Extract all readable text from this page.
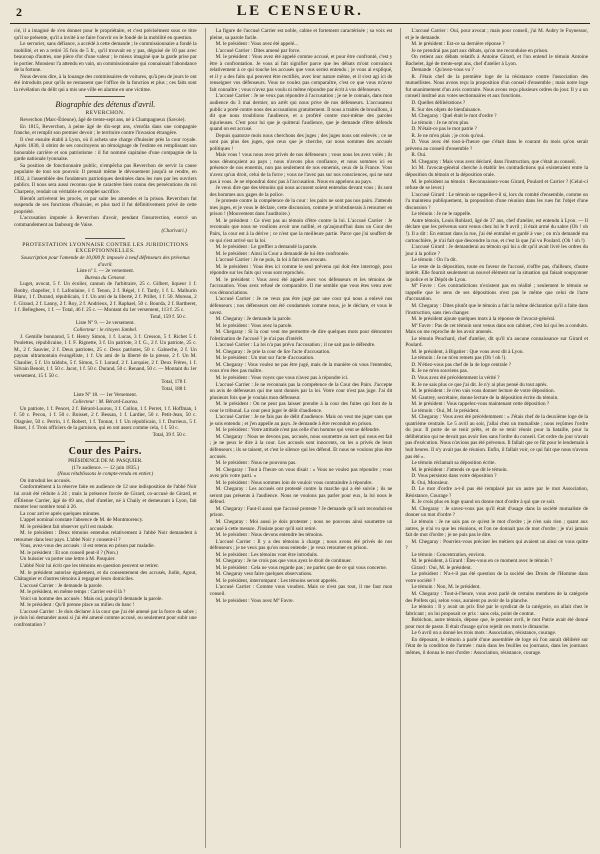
2	LE CENSEUR.

cié, il a imaginé de s'en donner pour le propriétaire, et c'est précisément sous ce titre qu'il se présente, qu'il a invité à se faire l'ouvrir en le fondé de la mobilité en question.

Le serrurier, sans défiance, a accédé à cette demande ; le commissionnaire a fondé la mobilité, et en a retiré 35 fois de 5 fr., qu'il trouvait en y pas, déguisé de 10 pas avec beaucoup d'autres, une pièce d'or d'une valeur ; le mieux imaginé que la garde prise par le portier. Monsieur l'a attendu en vain, un commissionnaire qui connaissait l'abondance de la fortune.

Nous devons dire, à la louange des commissaires de voitures, qu'à peu de jours le ont été introduits pour qu'ils ne restassent que l'office de la fonction et plus ; ces faits sont la révélation du délit qui a mis une ville en alarme en une victime.

Biographie des détenus d'avril.

REVERCHON.

Reverchon (Marc-Étienne), âgé de trente-sept ans, né à Champagneux (Savoie).

En 1815, Reverchon, à peine âgé de dix-sept ans, s'enrôla dans une compagnie franche, et remplit son premier devoir ; le territoire contre l'invasion étrangère.

Il s'est ensuite établi à Lyon, où il acheta une charge d'huissier près la cour royale. Après 1830, il obtint de ses concitoyens un témoignage de l'estime en remplissant son honorable carrière et son patriotisme : il fut nommé capitaine d'une compagnie de la garde nationale lyonnaise.

Sa position de fonctionnaire public, n'empêcha pas Reverchon de servir la cause populaire de tout son pouvoir. Il prenait même le dévouement jusqu'à se rendre, en 1832, à l'assemblée des fondateurs patriotiques destinées dans les rues par les ouvriers publics. Il nous sera aussi reconnu que le caractère bien connu des persécutions du roi Charpeny, rendait un véritable et complet sacrifice.

Bientôt arrivèrent les procès, et par suite les amendes et la prison. Reverchon fut suspendu de ses fonctions d'huissier, et plus tard il fut définitivement privé de cette propriété.

L'accusation imputée à Reverchon d'avoir, pendant l'insurrection, exercé un commandement au faubourg de Vaise.

(Charivari.)

PROTESTATION LYONNAISE CONTRE LES JURIDICTIONS EXCEPTIONNELLES.

Souscription pour l'amende de 10,000 fr. imposée à neuf défenseurs des prévenus d'avril.

Liste nº 1. — 2e versement.

Bureau du Censeur.

Luget, avocat, 5 f. Un écolier, cannon de l'arbitraire, 25 c. Gilbert, liqueur 1 f. Bonby, chapelier, 1 f. Lafonlaine, 1 f. Tenon, 2 f. Régel, 1 f. Tardy, 1 f. L. Malhurin Blanc, 1 f. Durand, républicain, 1 f. Un ami de la liberté, 2 f. Prillet, 1 f. 50. Moreau, 2 f. Giraud, 2 f. Lanny, 2 f. Roy, 2 f. Andrieux, 2 f. Raphael, 50 c. Bourda, 2 f. Bartheret, 1 f. Bellegbees, 1 f. — Total, 46 f. 25 c. — Montant du 1er versement, 113 f. 25 c.

Total, 159 f. 50 c.

Liste Nº 9. — 2e versement.

Collecteur : le citoyen Jambel.

J. Gemille bonnarod, 5 f. Henry Simon, 1 f. Lucas, 3 f. Cresson, 5 f. Richet 5 f. Poulettes, républicaine, 1 f. F. Rignette, 3 f. Un patriote, 3 f. G., 2 f. Un patriote, 25 c. M., 2 f. Sauvier, 2 f. Deux patriotes, 25 c. Deux patriotes, 50 c. Galneche, 2 f. Un paysan ultramontain évangéliste, 1 f. Un ami de la liberté de la presse, 2 f. Un M. Chaulier, 5 f. Un taïdobs, 5 f. Simon, 5 f. Lorauf, 2 f. Lorquier, 2 f. Deux Frères, 1 f. Silvain Benoit, 1 f. 50 c. Jacot, 1 f. 50 c. Durand, 50 c. Renand, 50 c. — Montant du 1er versement, 15 f. 50 c.

Total, 178 f.

Total, 188 f.

Liste Nº 18. — 1er Versement.

Collecteur : M. Bérard-Lourou.

Un patriote, 1 f. Pencet, 2 f. Bérard-Lourou, 3 f. Collon, 1 f. Perret, 1 f. Hoffman, 1 f. 50 c. Pecou, 1 f. 50 c. Boisset, 2 f. Bessan, 1 f. Lardier, 50 c. Petit-Jean, 50 c. Olagnier, 50 c. Perrin, 1 f. Robert, 1 f. Tonnat, 1 f. Un républicain, 1 f. Durrieux, 5 f. Roset, 1 f. Trois officiers de la garnison, qui en ont assez comme cela, 1 f. 50 c.

Total, 39 f. 50 c.

Cour des Pairs.

PRÉSIDENCE DE M. PASQUIER.

(17e audience. — 12 juin 1835.)

(Nous rétablissons le compte-rendu en entier.)

On introduit les accusés.

Conformément à la réserve faite en audience de 12 une indisposition de l'abbé Noir lui avait été réduite à 24 ; mais la présence forcée de Girard, co-accusé de Girard, et d'Étienne Carrier, âgé de 69 ans, chef d'atelier, né à Chaily et demeurant à Lyon, fait monter leur nombre total à 26.

La cour arrive après quelques minutes.

L'appel nominal constate l'absence de M. de Montmorency.

M. le président fait observer qu'il est malade.

M. le président : Deux témoins entendus relativement à l'abbé Noir demandent à retourner dans leur pays. L'abbé Noir y consent-il ?

Vous, avez-vous des accusés : il est retenu en prison par maladie.

M. le président : Et son conseil peut-il ? (Non.)

Un huissier va porter une lettre à M. Pasquier.

L'abbé Noir lui écrit que les témoins en question peuvent se retirer.

M. le président autorise également, et du consentement des accusés, Judin, Agout, Châtagnier et d'autres témoins à regagner leurs domiciles.

L'accusé Carrier : Je demande la parole.

M. le président, en même temps : Carrier est-il là ?

Voici un homme des accusés : Mais oui, puisqu'il demande la parole.

M. le président : Qu'il prenne place au milieu du banc !

L'accusé Carrier : Je dois déclarer à la cour que j'ai été amené par la force du sabre ; je dois lui demander aussi si j'ai été amené comme accusé, ou seulement pour subir une confrontation ?

La figure de l'accusé Carrier est noble, calme et fortement caractérisée ; sa voix est pleine, sa parole facile.

M. le président : Vous avez été appelé...

L'accusé Carrier : Dites amené par force.

M. le président : Vous avez été appelé comme accusé, et pour être confronté, c'est y être à confrontation. Je vous ai fait signifier parce que les débats m'ont convaincu relativement à ce qui touche les accusés que vous seriez entendu ; je vous ai expliqué, et il y a des faits qui peuvent être rectifiés, avec leur nature même, et il s'est agi ici de renseigner vos défenseurs. Vous ne voulez pas comparaître, c'est ce que vous m'avez fait connaître ; vous n'avez pas voulu ni même répondre par écrit à vos défenseurs.

L'accusé Carrier : Je ne veux pas répondre à l'accusation ; je ne le connais, dans mon audience du 3 mai dernier, un arrêt qui nous prive de nos défenseurs. L'accusateur public a porté contre nous des accusations gratuitement. Il nous a traités de brouillons, à dit que nous troublions l'audience, et a proféré contre moi-même des paroles injurieuses. C'est pour lui que je quitterai l'audience, que je demande d'être défendu quand on est accusé.

Depuis quatorze mois nous cherchons des juges ; des juges nous ont enlevés ; ce ne sont pas plus des juges, que ceux que je cherche, car nous sommes des accusés politiques !

Mais vous ! vous nous avez privés de nos défenseurs ; vous nous les avez volés ; ils nous dénonçaient au pays ; nous n'avons plus confiance, et nous sommes ici en présence de nos ennemis, non pas seulement de nos ennemis, ceux de la France. Vous n'avez qu'un droit, celui de la force ; vous ne l'avez pas sur nos consciences, qui ne sont pas à vous. Je ne répondrai donc pas à l'accusation. Nous en appelons au pays.

Je veux dire que des témoins qui nous accusent soient entendus devant vous ; ils sont des hommes aux gages de la police.

Je proteste contre la compétence de la cour : les pairs ne sont pas nos pairs. J'attends mes juges, et je vous le déclare, cette discussion, comme je m'obstinerais à retourner en prison ! (Mouvement dans l'auditoire.)

M. le président : Ce n'est pas au témoin d'être contre la loi. L'accusé Carrier : Je reconnais que nous ne voulions avoir une nullité, et qu'aujourd'hui dans un Cour des Pairs, la cour est à la dérive ; ce n'est que la meilleure partie. Parce que j'ai souffert de ce qui s'est arrivé sur la loi.

M. le président : Le greffier a demandé la parole.

M. le président : Ainsi la Cour a demandé de lui être confrontée.

L'accusé Carrier : Je ne puis, la loi à fait mes avocats.

M. le président : Vous êtes ici comme le seul prévenu qui doit être interrogé, pour répondre sur les faits qui vous sont reprochés.

M. le président : Vous avez été appelé avec vos défenseurs et les témoins de l'accusation. Vous avez refusé de comparaître. Il me semble que vous êtes venu avec vos dénonciations.

L'accusé Carrier : Je ne veux pas être jugé par une cour qui nous a enlevé nos défenseurs ; nos défenseurs ont été condamnés comme nous, je le déclare, et vous le savez.

M. Chegaray : Je demande la parole.

M. le président : Vous avez la parole.

M. Chegaray : Si la cour veut me permettre de dire quelques mots pour démontrer l'obstination de l'accusé ? je n'ai pas d'intérêt.

L'accusé Carrier : La loi n'a pas prévu l'accusation ; il ne sait pas le défendre.

M. Chegaray : Je prie la cour de lire l'acte d'accusation.

M. le président : Un mot sur l'acte d'accusation.

M. Chegaray : Vous voulez ne pas être jugé, mais de la manière où vous l'entendez, vous n'en êtes pas maître.

M. le président : Vous voyez que vous n'avez pas à répondre ici.

L'accusé Carrier : Je ne reconnais pas la compétence de la Cour des Pairs. J'accepte un avis de défenseurs qui me sont donnés par la loi. Votre cour n'est pas juge. J'ai dit plusieurs fois que je voulais mon défenseur.

M. le président : On ne peut pas laisser prendre à la cour des fuites qui font de la cour le tribunal. La cour peut juger le délit d'audience.

L'accusé Carrier : Je ne fais pas de délit d'audience. Mais on veut me juger sans que je sois entendu ; et j'en appelle au pays. Je demande à être reconduit en prison.

M. le président : Votre attitude n'est pas celle d'un homme qui veut se défendre.

M. Chegaray : Nous ne devons pas, accusés, nous soumettre au sort qui nous est fait ; je ne peux le dire à la cour. Les accusés sont innocents, on les a privés de leurs défenseurs ; ils se taisent, et c'est le silence qui les défend. Et nous ne voulons plus être accusés.

M. le président : Nous ne pouvons pas.

M. Chegaray : Tout à l'heure on vous disait : « Vous ne voulez pas répondre ; vous avez pris votre parti. »

M. le président : Nous sommes loin de vouloir vous contraindre à répondre.

M. Chegaray : Les accusés ont protesté contre la marche qui a été suivie ; ils ne seront pas présents à l'audience. Nous ne voulons pas parler pour eux, la loi nous le défend.

M. Chegaray : Faut-il aussi que l'accusé proteste ? Je demande qu'il soit reconduit en prison.

M. Chegaray : Moi aussi je dois protester ; nous ne pouvons ainsi soumettre un accusé à cette mesure. J'insiste pour qu'il soit retiré.

M. le président : Nous devons entendre les témoins.

L'accusé Carrier : Il y a des témoins à charge ; nous avons été privés de nos défenseurs ; je ne veux pas qu'on nous entende ; je veux retourner en prison.

M. le président : Les témoins vont être introduits.

M. Chegaray : Je ne crois pas que vous ayez le droit de continuer.

M. le président : Cela ne vous regarde pas ; ne parlez que de ce qui vous concerne.

M. Chegaray veut faire quelques observations.

M. le président, interrompant : Les témoins seront appelés.

L'accusé Carrier : Comme vous voudrez. Mais ce n'est pas tout, il me faut mon conseil.

M. le président : Vous avez Mº Favre.

L'accusé Carrier : Oui, pour avocat ; mais pour conseil, j'ai M. Aubry le Fuynessor, et je le demande.

M. le président : Est-ce sa dernière réponse ?

Je ne prendrai pas part aux débats, qu'on me reconduise en prison.

On retient aux débats relatifs à Antoine Girard, et l'on entend le témoin Antoine Bachelet, âgé de trente-sept ans, chef d'atelier à Lyon.

Demande : Qu'avez-vous vu ?

R. J'étais chef de la première loge de la résistance contre l'association des mutuellistes. Nous avons reçu la proposition d'un conseil d'ensemble ; mais notre loge fut unanimement d'un avis contraire. Nous avons reçu plusieurs ordres du jour. Il y a un conseil institué aux votes sectionnaires et aux fonctions.

D. Quelles délibérations ?

R. Sur des objets de bienfaisance.

M. Chegaray : Quel était le mot d'ordre ?

Le témoin : Je ne m'en plus.

D. N'était-ce pas le mot patrie ?

R. Je ne m'en plais ; je crois qu'oui.

D. Vous avez été tout-à-l'heure que c'était dans le courant du mois qu'on serait prévenu au conseil d'ensemble ?

R. Oui.

M. Chegaray : Mais vous avez déclaré, dans l'instruction, que c'était au conseil.

Ici M. l'avocat-général cherche à établir les contradictions qui existeraient entre la déposition du témoin et la déposition orale.

M. le président au témoin : Reconnaissez-vous Girard, Poulard et Carrier ? (Celui-ci refuse de se lever.)

L'accusé Girard : Le témoin se rappelle-t-il si, lors du comité d'ensemble, comme on l'a maintenu publiquement, la proposition d'une réunion dans les rues fut l'objet d'une discussion ?

Le témoin : Je ne le rappelle.

Autre témoin, Louis Roblard, âgé de 37 ans, chef d'atelier, est entendu à Lyon. — Il déclare que les prévenus sont venus chez lui le 9 avril ; il était armé du sabre (Oh ! oh !). Il a dit : En entrant dans la rue, j'ai été entraîné et gardé à vue ; on m'a demandé ma cartouchière, je n'ai fait que descendre la rue, et c'est là que j'ai vu Poulard. (Oh ! oh !)

L'accusé Girard : Je demanderai au témoin qui lui a dit qu'il avait livré les ordres du jour à la police ?

Le témoin : On l'a dit.

Le reste de la déposition, toute en faveur de l'accusé, n'offre pas, d'ailleurs, d'autre intérêt. Elle fournit seulement un nouvel élément sur la situation qui faisait soupçonner la police et le Dépôt de Lyon.

Mº Favre : Ces contradictions n'existent pas en réalité ; seulement le témoin se rappelle que le sens de ses dépositions n'est pas le même que celui de l'acte d'accusation.

M. Chegaray : Dites plutôt que le témoin a fait la même déclaration qu'il a faite dans l'instruction, sans rien changer.

M. le président ajoute quelques mots à la réponse de l'avocat-général.

Mº Favre : Pas de cet témoin sont venus dans son cabinet, c'est lui qui les a conduits. Mais on me reproche de les avoir amenés.

Le témoin Peuchard, chef d'atelier, dit qu'il n'a aucune connaissance sur Girard et Poulard.

M. le président, à Bigatier : Que vous avez dit à Lyon.

Le témoin : Je ne m'en remets pas (Oh ! oh !).

D. N'étiez-vous pas chef de la 4e loge centrale ?

R. Je ne m'en souviens pas.

D. Vous avez été précédemment la vérité ?

R. Je ne sais plus ce que j'ai dit. Je n'y ai plus pensé du tout après.

M. le président : Je n'en vais vous donner lecture de votre déposition.

M. Gautrey, secrétaire, donne lecture de la déposition écrite du témoin.

M. le président : Vous rappelez-vous maintenant cette déposition ?

Le témoin : Oui, M. le président.

M. Chegaray : Vous avez été précédemment : « J'étais chef de la deuxième loge de la quatrième centrale. Le 5 avril au soir, j'allai chez un mutualiste ; nous reçûmes l'ordre du jour. Il porte de se tenir prêts, et de se tenir réunis pour la bataille, pour la délibération qui ne devait pas avoir lieu sans l'ordre du conseil. Cet ordre du jour n'avait pas d'exécution. Nous n'avions pas été prévenus. Il fallait que ce fût pour le lendemain à huit heures. Il n'y avait pas de réunion. Enfin, il fallait voir, ce qui fait que nous n'avons pas été ».

Le témoin réclamait sa déposition écrite.

M. le président : J'attends ce que dit le témoin.

D. Vous persistez dans votre déposition ?

R. Oui, Monsieur.

D. Le mot d'ordre a-t-il pas été remplacé par un autre par le mot Association, Résistance, Courage ?

R. Je crois plus en loge quand on donne mot d'ordre à qui que ce soit.

M. Chegaray : Je savez-vous pas qu'il était d'usage dans la société mutualiste de donner un mot d'ordre ?

Le témoin : Je ne sais pas ce qu'est le mot d'ordre ; je n'en sais rien ; quant aux autres, je n'ai vu que les réunions, et l'on ne donnait pas de mot d'ordre ; je n'ai jamais fait de mot d'ordre ; je ne puis pas le dire.

M. Chegaray : Pourriez-vous préciser les métiers qui avaient un ainsi on vous quitte ?

Le témoin : Concentration, environ.

M. le président, à Girard : Êtes-vous en ce moment avec le témoin ?

Girard : Oui, M. le président.

Le président : N'a-t-il pas été question de la société des Droits de l'Homme dans votre société ?

Le témoin : Non, M. le président.

M. Chegaray : Tout-à-l'heure, vous avez parlé de certains membres de la catégorie des Préfets qui, selon vous, auraient pu avoir de la planche.

Le témoin : Il y avait un prix fixé par le syndicat de la catégorie, on allait chez le fabricant ; on lui proposait ce prix : sans cela, point de contrat.

Bobichon, autre témoin, dépose que, le premier avril, le mot Patrie avait été donné pour mot de passe. Il était d'usage qu'on rejetât ces mots le dimanche.

Le 6 avril on a donné les trois mots : Association, résistance, courage.

En déposant, le témoin a parlé d'une assemblée de loge où l'on aurait délibéré sur l'état de la condition de l'armée : mais dans les feuilles ou journaux, dans les journaux mêmes, il donna le mot d'ordre : Association, résistance, courage.
